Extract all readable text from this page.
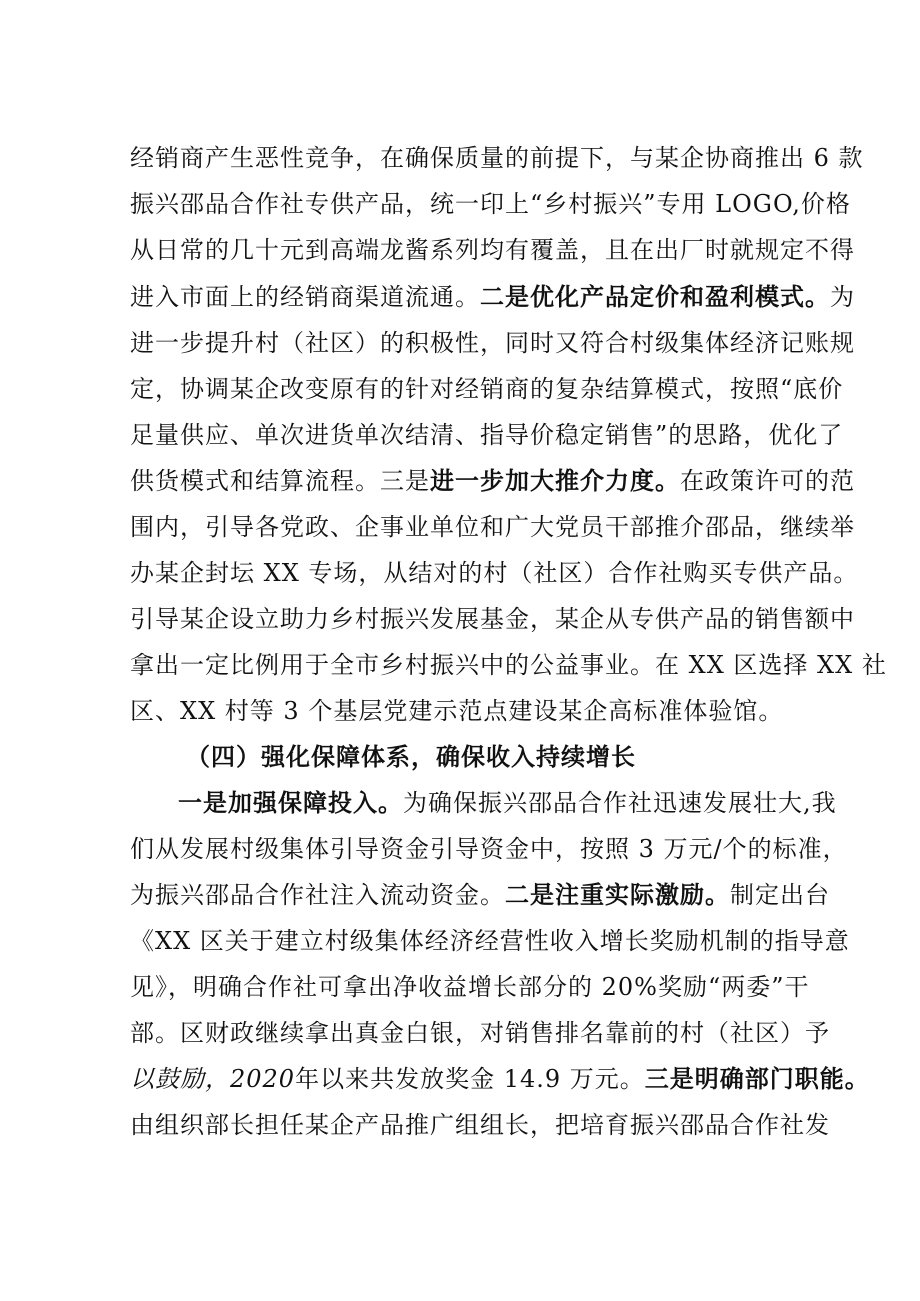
经销商产生恶性竞争，在确保质量的前提下，与某企协商推出 6 款
振兴邵品合作社专供产品，统一印上“乡村振兴”专用 LOGO,价格
从日常的几十元到高端龙酱系列均有覆盖，且在出厂时就规定不得
进入市面上的经销商渠道流通。二是优化产品定价和盈利模式。为
进一步提升村（社区）的积极性，同时又符合村级集体经济记账规
定，协调某企改变原有的针对经销商的复杂结算模式，按照“底价
足量供应、单次进货单次结清、指导价稳定销售”的思路，优化了
供货模式和结算流程。三是进一步加大推介力度。在政策许可的范
围内，引导各党政、企事业单位和广大党员干部推介邵品，继续举
办某企封坛 XX 专场，从结对的村（社区）合作社购买专供产品。
引导某企设立助力乡村振兴发展基金，某企从专供产品的销售额中
拿出一定比例用于全市乡村振兴中的公益事业。在 XX 区选择 XX 社
区、XX 村等 3 个基层党建示范点建设某企高标准体验馆。
（四）强化保障体系，确保收入持续增长
一是加强保障投入。为确保振兴邵品合作社迅速发展壮大,我
们从发展村级集体引导资金引导资金中，按照 3 万元/个的标准，
为振兴邵品合作社注入流动资金。二是注重实际激励。制定出台
《XX 区关于建立村级集体经济经营性收入增长奖励机制的指导意
见》，明确合作社可拿出净收益增长部分的 20%奖励“两委”干
部。区财政继续拿出真金白银，对销售排名靠前的村（社区）予
以鼓励，2020年以来共发放奖金 14.9 万元。三是明确部门职能。
由组织部长担任某企产品推广组组长，把培育振兴邵品合作社发
